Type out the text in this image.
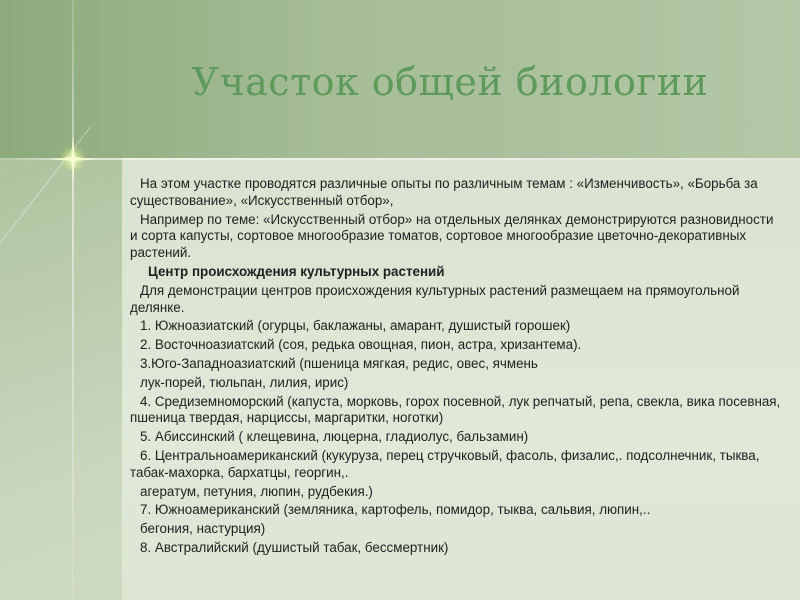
Участок общей биологии

На этом участке проводятся различные опыты по различным темам : «Изменчивость», «Борьба за существование», «Искусственный отбор»,

Например по теме: «Искусственный отбор» на отдельных делянках демонстрируются разновидности и сорта капусты, сортовое многообразие томатов, сортовое многообразие цветочно-декоративных растений.

Центр происхождения культурных растений

Для демонстрации центров происхождения культурных растений размещаем на прямоугольной делянке.

1. Южноазиатский (огурцы, баклажаны, амарант, душистый горошек)

2. Восточноазиатский (соя, редька овощная, пион, астра, хризантема).

3.Юго-Западноазиатский (пшеница мягкая, редис, овес, ячмень

лук-порей, тюльпан, лилия, ирис)

4. Средиземноморский (капуста, морковь, горох посевной, лук репчатый, репа, свекла, вика посевная, пшеница твердая, нарциссы, маргаритки, ноготки)

5. Абиссинский ( клещевина, люцерна, гладиолус, бальзамин)

6. Центральноамериканский (кукуруза, перец стручковый, фасоль, физалис,. подсолнечник, тыква, табак-махорка, бархатцы, георгин,.

агератум, петуния, люпин, рудбекия.)

7. Южноамериканский (земляника, картофель, помидор, тыква, сальвия, люпин,..

бегония, настурция)

8. Австралийский (душистый табак, бессмертник)
